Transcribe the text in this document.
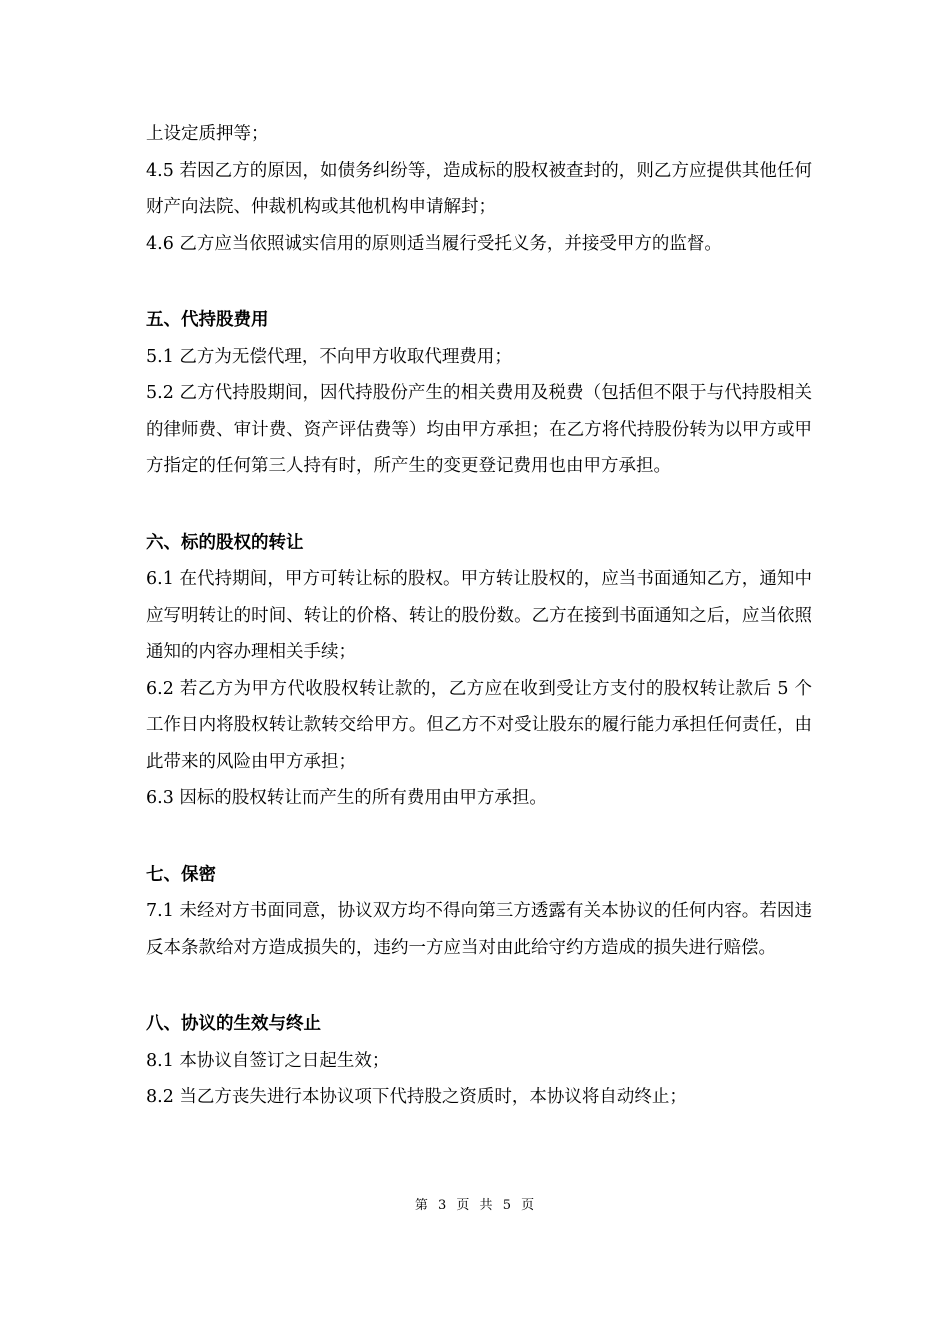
上设定质押等；

4.5 若因乙方的原因，如债务纠纷等，造成标的股权被查封的，则乙方应提供其他任何财产向法院、仲裁机构或其他机构申请解封；

4.6 乙方应当依照诚实信用的原则适当履行受托义务，并接受甲方的监督。

五、代持股费用

5.1 乙方为无偿代理，不向甲方收取代理费用；

5.2 乙方代持股期间，因代持股份产生的相关费用及税费（包括但不限于与代持股相关的律师费、审计费、资产评估费等）均由甲方承担；在乙方将代持股份转为以甲方或甲方指定的任何第三人持有时，所产生的变更登记费用也由甲方承担。

六、标的股权的转让

6.1 在代持期间，甲方可转让标的股权。甲方转让股权的，应当书面通知乙方，通知中应写明转让的时间、转让的价格、转让的股份数。乙方在接到书面通知之后，应当依照通知的内容办理相关手续；

6.2 若乙方为甲方代收股权转让款的，乙方应在收到受让方支付的股权转让款后 5 个工作日内将股权转让款转交给甲方。但乙方不对受让股东的履行能力承担任何责任，由此带来的风险由甲方承担；

6.3 因标的股权转让而产生的所有费用由甲方承担。

七、保密

7.1 未经对方书面同意，协议双方均不得向第三方透露有关本协议的任何内容。若因违反本条款给对方造成损失的，违约一方应当对由此给守约方造成的损失进行赔偿。

八、协议的生效与终止

8.1 本协议自签订之日起生效；

8.2 当乙方丧失进行本协议项下代持股之资质时，本协议将自动终止；

第 3 页 共 5 页
